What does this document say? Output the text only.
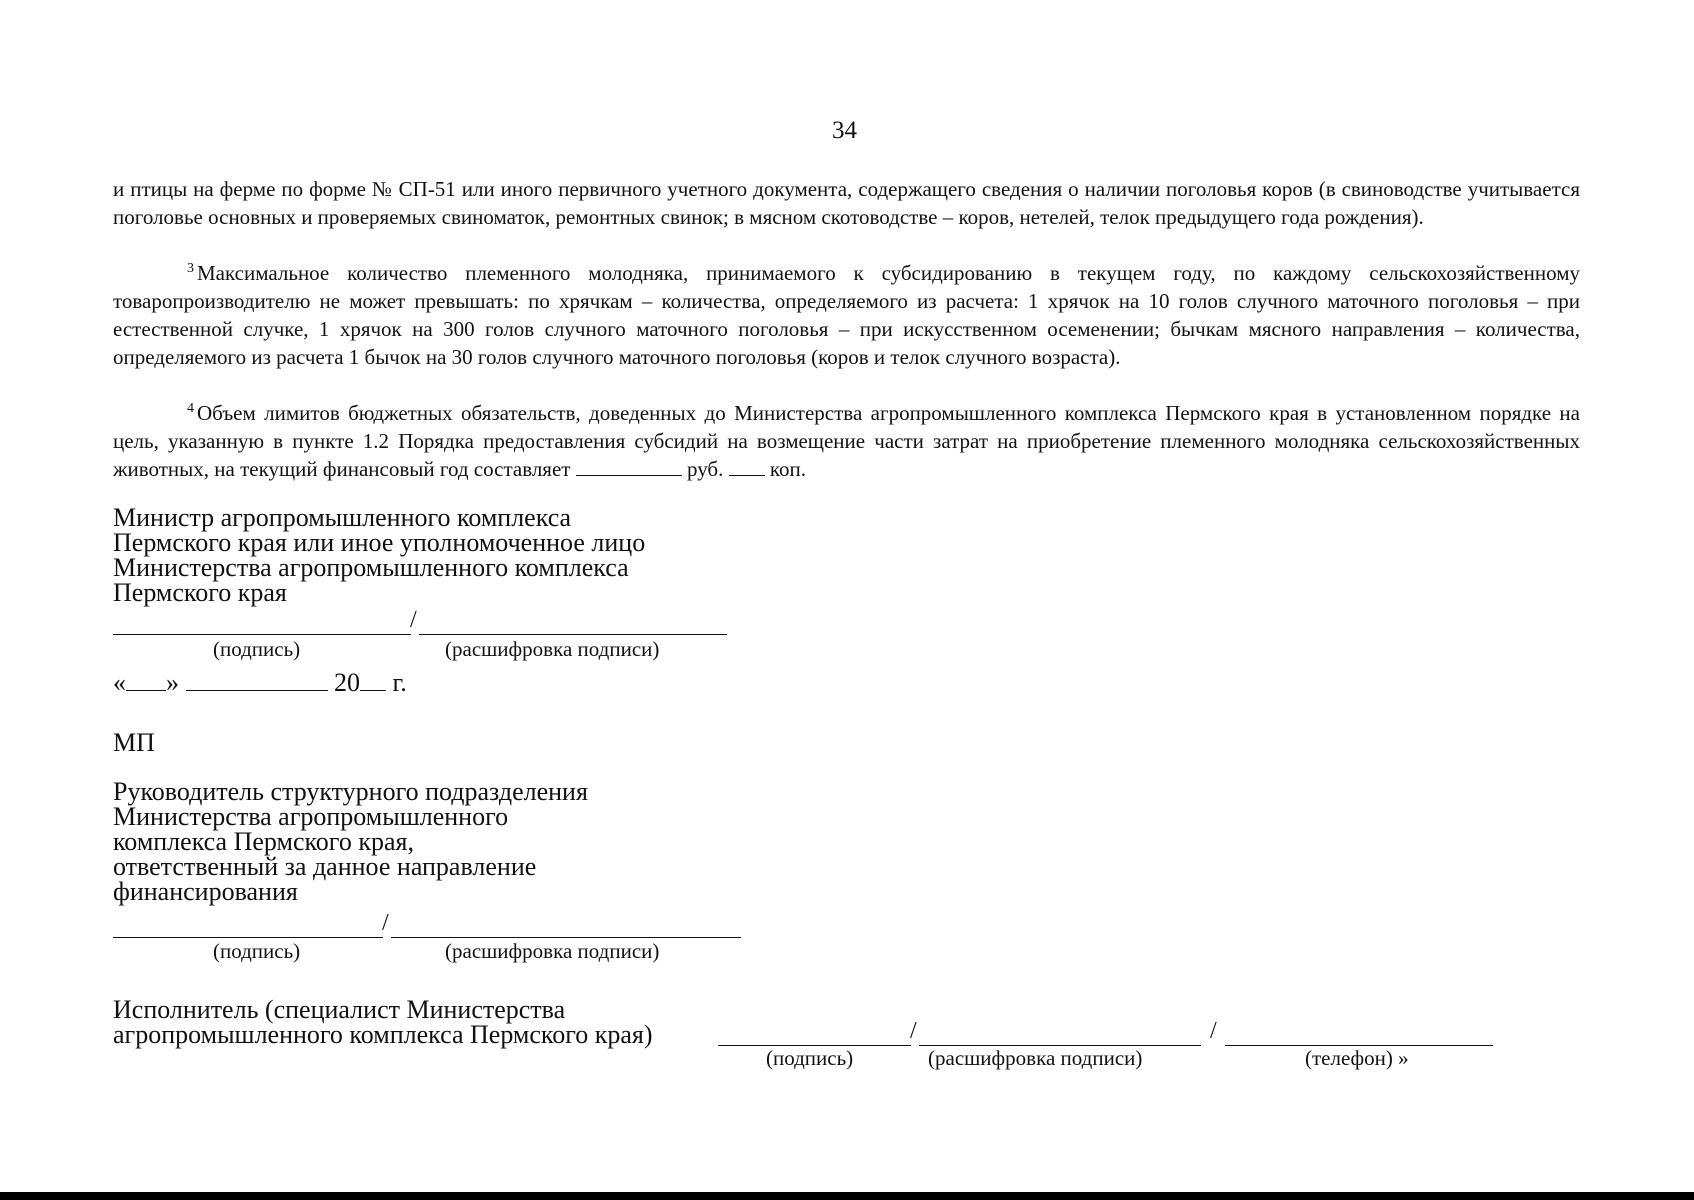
34

и птицы на ферме по форме № СП-51 или иного первичного учетного документа, содержащего сведения о наличии поголовья коров (в свиноводстве учитывается поголовье основных и проверяемых свиноматок, ремонтных свинок; в мясном скотоводстве – коров, нетелей, телок предыдущего года рождения).

$^3$ Максимальное количество племенного молодняка, принимаемого к субсидированию в текущем году, по каждому сельскохозяйственному товаропроизводителю не может превышать: по хрячкам – количества, определяемого из расчета: 1 хрячок на 10 голов случного маточного поголовья – при естественной случке, 1 хрячок на 300 голов случного маточного поголовья – при искусственном осеменении; бычкам мясного направления – количества, определяемого из расчета 1 бычок на 30 голов случного маточного поголовья (коров и телок случного возраста).

$^4$ Объем лимитов бюджетных обязательств, доведенных до Министерства агропромышленного комплекса Пермского края в установленном порядке на цель, указанную в пункте 1.2 Порядка предоставления субсидий на возмещение части затрат на приобретение племенного молодняка сельскохозяйственных животных, на текущий финансовый год составляет	руб. коп.

Министр агропромышленного комплекса
Пермского края или иное уполномоченное лицо
Министерства агропромышленного комплекса
Пермского края
/
(подпись)	(расшифровка подписи)
« »	20 г.
МП
Руководитель структурного подразделения
Министерства агропромышленного
комплекса Пермского края,
ответственный за данное направление
финансирования
/
(подпись)	(расшифровка подписи)
Исполнитель (специалист Министерства
агропромышленного комплекса Пермского края)	/	/
(подпись)	(расшифровка подписи)	(телефон) »
